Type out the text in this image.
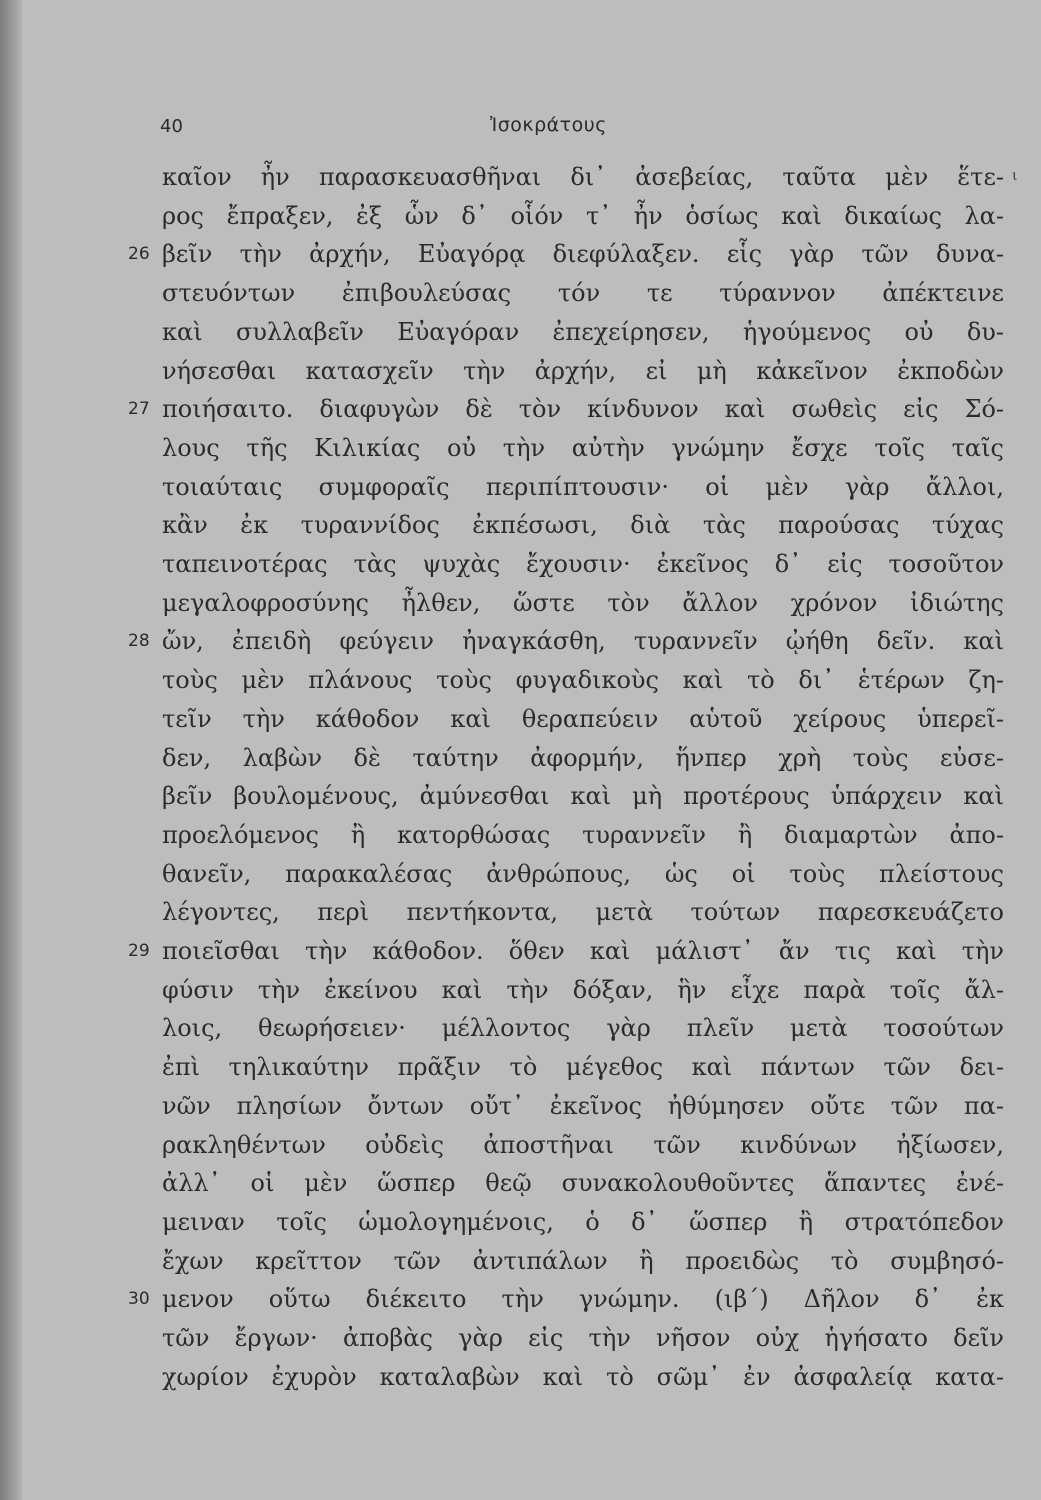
40	Ἰσοκράτους
ι
καῖον ἦν παρασκευασθῆναι δι᾽ ἀσεβείας, ταῦτα μὲν ἕτε-
ρος ἔπραξεν, ἐξ ὧν δ᾽ οἷόν τ᾽ ἦν ὁσίως καὶ δικαίως λα-
βεῖν τὴν ἀρχήν, Εὐαγόρᾳ διεφύλαξεν. εἷς γὰρ τῶν δυνα-
26
στευόντων ἐπιβουλεύσας τόν τε τύραννον ἀπέκτεινε
καὶ συλλαβεῖν Εὐαγόραν ἐπεχείρησεν, ἡγούμενος οὐ δυ-
νήσεσθαι κατασχεῖν τὴν ἀρχήν, εἰ μὴ κἀκεῖνον ἐκποδὼν
ποιήσαιτο. διαφυγὼν δὲ τὸν κίνδυνον καὶ σωθεὶς εἰς Σό-
27
λους τῆς Κιλικίας οὐ τὴν αὐτὴν γνώμην ἔσχε τοῖς ταῖς
τοιαύταις συμφοραῖς περιπίπτουσιν· οἱ μὲν γὰρ ἄλλοι,
κἂν ἐκ τυραννίδος ἐκπέσωσι, διὰ τὰς παρούσας τύχας
ταπεινοτέρας τὰς ψυχὰς ἔχουσιν· ἐκεῖνος δ᾽ εἰς τοσοῦτον
μεγαλοφροσύνης ἦλθεν, ὥστε τὸν ἄλλον χρόνον ἰδιώτης
ὤν, ἐπειδὴ φεύγειν ἠναγκάσθη, τυραννεῖν ᾠήθη δεῖν. καὶ
28
τοὺς μὲν πλάνους τοὺς φυγαδικοὺς καὶ τὸ δι᾽ ἑτέρων ζη-
τεῖν τὴν κάθοδον καὶ θεραπεύειν αὑτοῦ χείρους ὑπερεῖ-
δεν, λαβὼν δὲ ταύτην ἀφορμήν, ἥνπερ χρὴ τοὺς εὐσε-
βεῖν βουλομένους, ἀμύνεσθαι καὶ μὴ προτέρους ὑπάρχειν καὶ
προελόμενος ἢ κατορθώσας τυραννεῖν ἢ διαμαρτὼν ἀπο-
θανεῖν, παρακαλέσας ἀνθρώπους, ὡς οἱ τοὺς πλείστους
λέγοντες, περὶ πεντήκοντα, μετὰ τούτων παρεσκευάζετο
ποιεῖσθαι τὴν κάθοδον. ὅθεν καὶ μάλιστ᾽ ἄν τις καὶ τὴν
29
φύσιν τὴν ἐκείνου καὶ τὴν δόξαν, ἣν εἶχε παρὰ τοῖς ἄλ-
λοις, θεωρήσειεν· μέλλοντος γὰρ πλεῖν μετὰ τοσούτων
ἐπὶ τηλικαύτην πρᾶξιν τὸ μέγεθος καὶ πάντων τῶν δει-
νῶν πλησίων ὄντων οὔτ᾽ ἐκεῖνος ἠθύμησεν οὔτε τῶν πα-
ρακληθέντων οὐδεὶς ἀποστῆναι τῶν κινδύνων ἠξίωσεν,
ἀλλ᾽ οἱ μὲν ὥσπερ θεῷ συνακολουθοῦντες ἅπαντες ἐνέ-
μειναν τοῖς ὡμολογημένοις, ὁ δ᾽ ὥσπερ ἢ στρατόπεδον
ἔχων κρεῖττον τῶν ἀντιπάλων ἢ προειδὼς τὸ συμβησό-
μενον οὕτω διέκειτο τὴν γνώμην. (ιβ´) Δῆλον δ᾽ ἐκ
30
τῶν ἔργων· ἀποβὰς γὰρ εἰς τὴν νῆσον οὐχ ἡγήσατο δεῖν
χωρίον ἐχυρὸν καταλαβὼν καὶ τὸ σῶμ᾽ ἐν ἀσφαλείᾳ κατα-
